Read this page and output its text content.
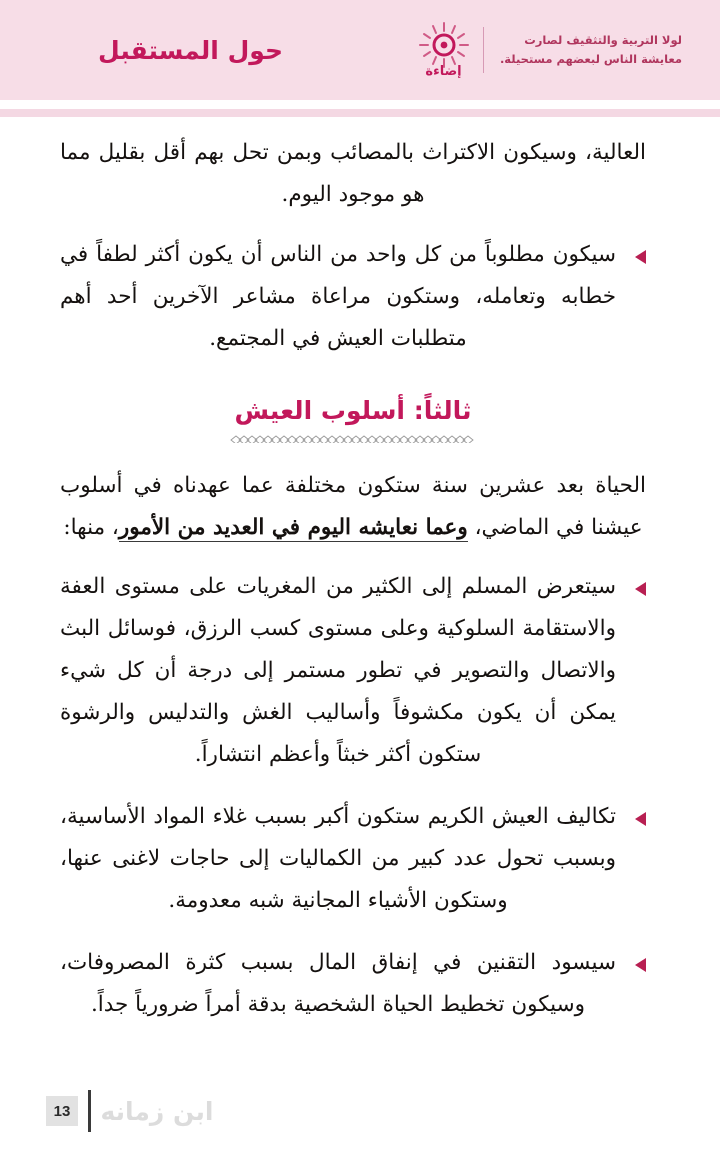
حول المستقبل
إضاءة
لولا التربية والتثقيف لصارت معايشة الناس لبعضهم مستحيلة.

العالية، وسيكون الاكتراث بالمصائب وبمن تحل بهم أقل بقليل مما هو موجود اليوم.

سيكون مطلوباً من كل واحد من الناس أن يكون أكثر لطفاً في خطابه وتعامله، وستكون مراعاة مشاعر الآخرين أحد أهم متطلبات العيش في المجتمع.
ثالثاً: أسلوب العيش

الحياة بعد عشرين سنة ستكون مختلفة عما عهدناه في أسلوب عيشنا في الماضي، وعما نعايشه اليوم في العديد من الأمور، منها:

سيتعرض المسلم إلى الكثير من المغريات على مستوى العفة والاستقامة السلوكية وعلى مستوى كسب الرزق، فوسائل البث والاتصال والتصوير في تطور مستمر إلى درجة أن كل شيء يمكن أن يكون مكشوفاً وأساليب الغش والتدليس والرشوة ستكون أكثر خبثاً وأعظم انتشاراً.
تكاليف العيش الكريم ستكون أكبر بسبب غلاء المواد الأساسية، وبسبب تحول عدد كبير من الكماليات إلى حاجات لاغنى عنها، وستكون الأشياء المجانية شبه معدومة.
سيسود التقنين في إنفاق المال بسبب كثرة المصروفات، وسيكون تخطيط الحياة الشخصية بدقة أمراً ضرورياً جداً.
13	ابن زمانه
